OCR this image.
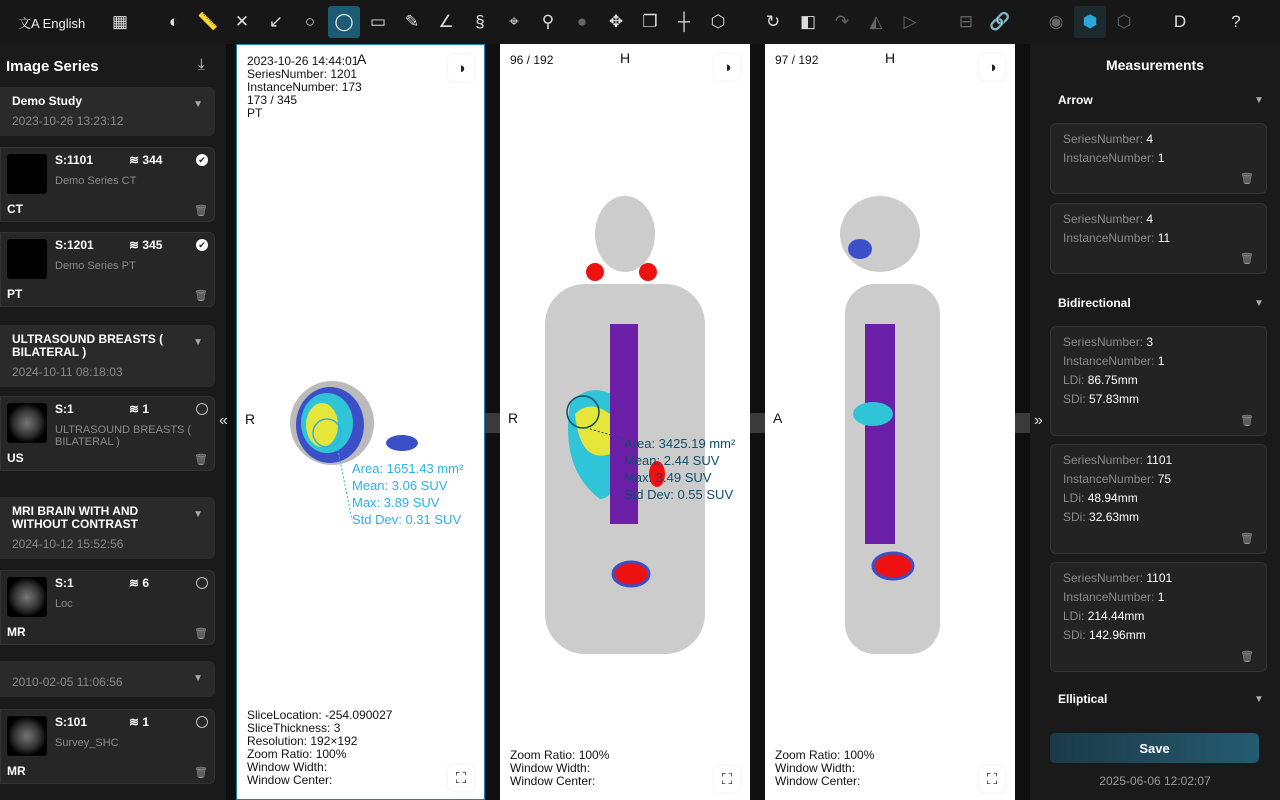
文A English	▦	◐	📏 ✕	↙	○	◯ ▭	✎	∠	§	⌖	⚲	●	✥	❐	┼	⬡	↻	◧	↷	◭	▷	⊟ 🔗	◉	⬢	⬡	D	?
Image Series	⤓
Demo Study
2023-10-26 13:23:12
▼
S:1101	≋ 344
Demo Series CT
CT
✔
🗑
S:1201	≋ 345
Demo Series PT
PT
✔
🗑
ULTRASOUND BREASTS ( BILATERAL )
2024-10-11 08:18:03
▼
S:1	≋ 1
ULTRASOUND BREASTS ( BILATERAL )
US	🗑
MRI BRAIN WITH AND WITHOUT CONTRAST
2024-10-12 15:52:56
▼
S:1	≋ 6
Loc
MR	🗑
2010-02-05 11:06:56	▼
S:101	≋ 1
Survey_SHC
MR	🗑
2023-10-26 14:44:01
SeriesNumber: 1201
InstanceNumber: 173
173 / 345
PT
A
R
SliceLocation: -254.090027
SliceThickness: 3
Resolution: 192×192
Zoom Ratio: 100%
Window Width:
Window Center:
◑
⛶
Area: 1651.43 mm²
Mean: 3.06 SUV
Max: 3.89 SUV
Std Dev: 0.31 SUV
96 / 192	H
R
Zoom Ratio: 100%
Window Width:
Window Center:
◑
⛶
Area: 3425.19 mm²
Mean: 2.44 SUV
Max: 3.49 SUV
Std Dev: 0.55 SUV
97 / 192	H
A
Zoom Ratio: 100%
Window Width:
Window Center:
◑
⛶
Measurements
Save
2025-06-06 12:02:07
Arrow	▼
SeriesNumber: 4
InstanceNumber: 1
🗑
SeriesNumber: 4
InstanceNumber: 11
🗑
Bidirectional	▼
SeriesNumber: 3
InstanceNumber: 1
LDi: 86.75mm
SDi: 57.83mm
🗑
SeriesNumber: 1101
InstanceNumber: 75
LDi: 48.94mm
SDi: 32.63mm
🗑
SeriesNumber: 1101
InstanceNumber: 1
LDi: 214.44mm
SDi: 142.96mm
🗑
Elliptical	▼
«	»
